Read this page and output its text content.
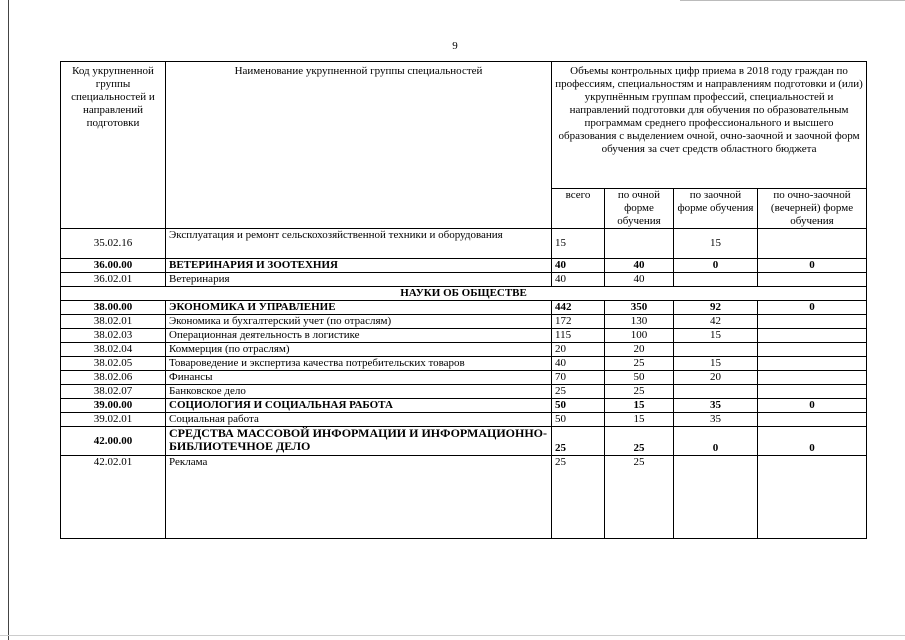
9
Код укрупненной группы специальностей и направлений подготовки	Наименование укрупненной группы специальностей	Объемы контрольных цифр приема в 2018 году граждан по профессиям, специальностям и направлениям подготовки и (или) укрупнённым группам профессий, специальностей и направлений подготовки для обучения по образовательным программам среднего профессионального и высшего образования с выделением очной, очно-заочной и заочной форм обучения за счет средств областного бюджета			
		всего	по очной форме обучения	по заочной форме обучения	по очно-заочной (вечерней) форме обучения
35.02.16	Эксплуатация и ремонт сельскохозяйственной техники и оборудования	15		15	
36.00.00	ВЕТЕРИНАРИЯ И ЗООТЕХНИЯ	40	40	0	0
36.02.01	Ветеринария	40	40		
НАУКИ ОБ ОБЩЕСТВЕ					
38.00.00	ЭКОНОМИКА И УПРАВЛЕНИЕ	442	350	92	0
38.02.01	Экономика и бухгалтерский учет (по отраслям)	172	130	42	
38.02.03	Операционная деятельность в логистике	115	100	15	
38.02.04	Коммерция (по отраслям)	20	20		
38.02.05	Товароведение и экспертиза качества потребительских товаров	40	25	15	
38.02.06	Финансы	70	50	20	
38.02.07	Банковское дело	25	25		
39.00.00	СОЦИОЛОГИЯ И СОЦИАЛЬНАЯ РАБОТА	50	15	35	0
39.02.01	Социальная работа	50	15	35	
42.00.00	СРЕДСТВА МАССОВОЙ ИНФОРМАЦИИ И ИНФОРМАЦИОННО-БИБЛИОТЕЧНОЕ ДЕЛО	25	25	0	0
42.02.01	Реклама	25	25		
